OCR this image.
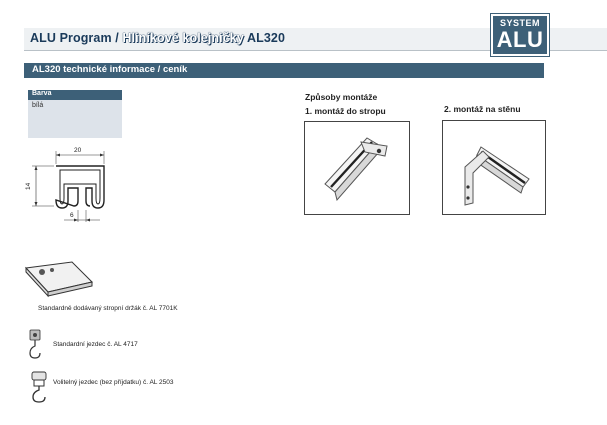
ALU Program / Hliníkové kolejničky AL320
SYSTEM
ALU
AL320 technické informace / ceník
Barva
bílá
20
14
6
Způsoby montáže
1. montáž do stropu	2. montáž na stěnu
Standardně dodávaný stropní držák č. AL 7701K
Standardní jezdec č. AL 4717
Volitelný jezdec (bez příjdatku) č. AL 2503
